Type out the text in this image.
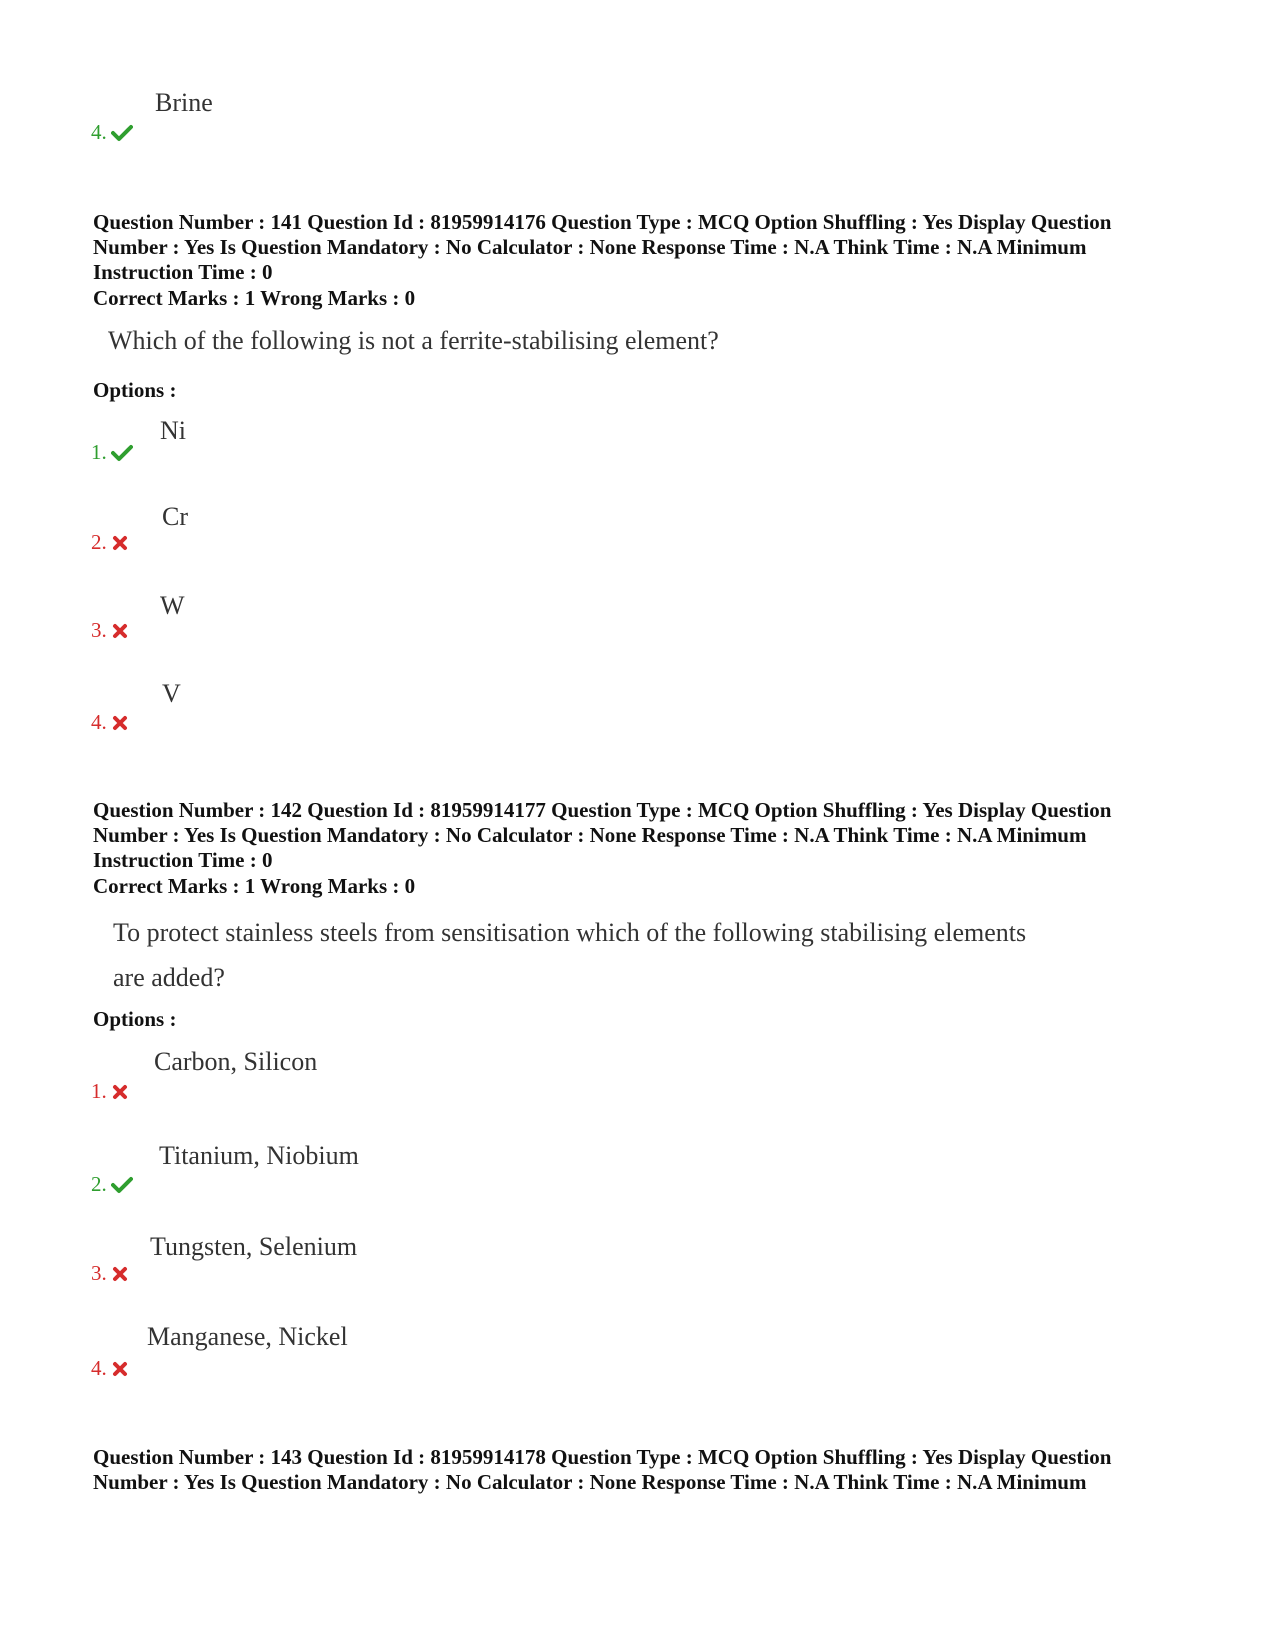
Brine
4.
Question Number : 141 Question Id : 81959914176 Question Type : MCQ Option Shuffling : Yes Display Question
Number : Yes Is Question Mandatory : No Calculator : None Response Time : N.A Think Time : N.A Minimum
Instruction Time : 0
Correct Marks : 1 Wrong Marks : 0
Which of the following is not a ferrite-stabilising element?
Options :
Ni
1.
Cr
2.
W
3.
V
4.
Question Number : 142 Question Id : 81959914177 Question Type : MCQ Option Shuffling : Yes Display Question
Number : Yes Is Question Mandatory : No Calculator : None Response Time : N.A Think Time : N.A Minimum
Instruction Time : 0
Correct Marks : 1 Wrong Marks : 0
To protect stainless steels from sensitisation which of the following stabilising elements
are added?
Options :
Carbon, Silicon
1.
Titanium, Niobium
2.
Tungsten, Selenium
3.
Manganese, Nickel
4.
Question Number : 143 Question Id : 81959914178 Question Type : MCQ Option Shuffling : Yes Display Question
Number : Yes Is Question Mandatory : No Calculator : None Response Time : N.A Think Time : N.A Minimum
